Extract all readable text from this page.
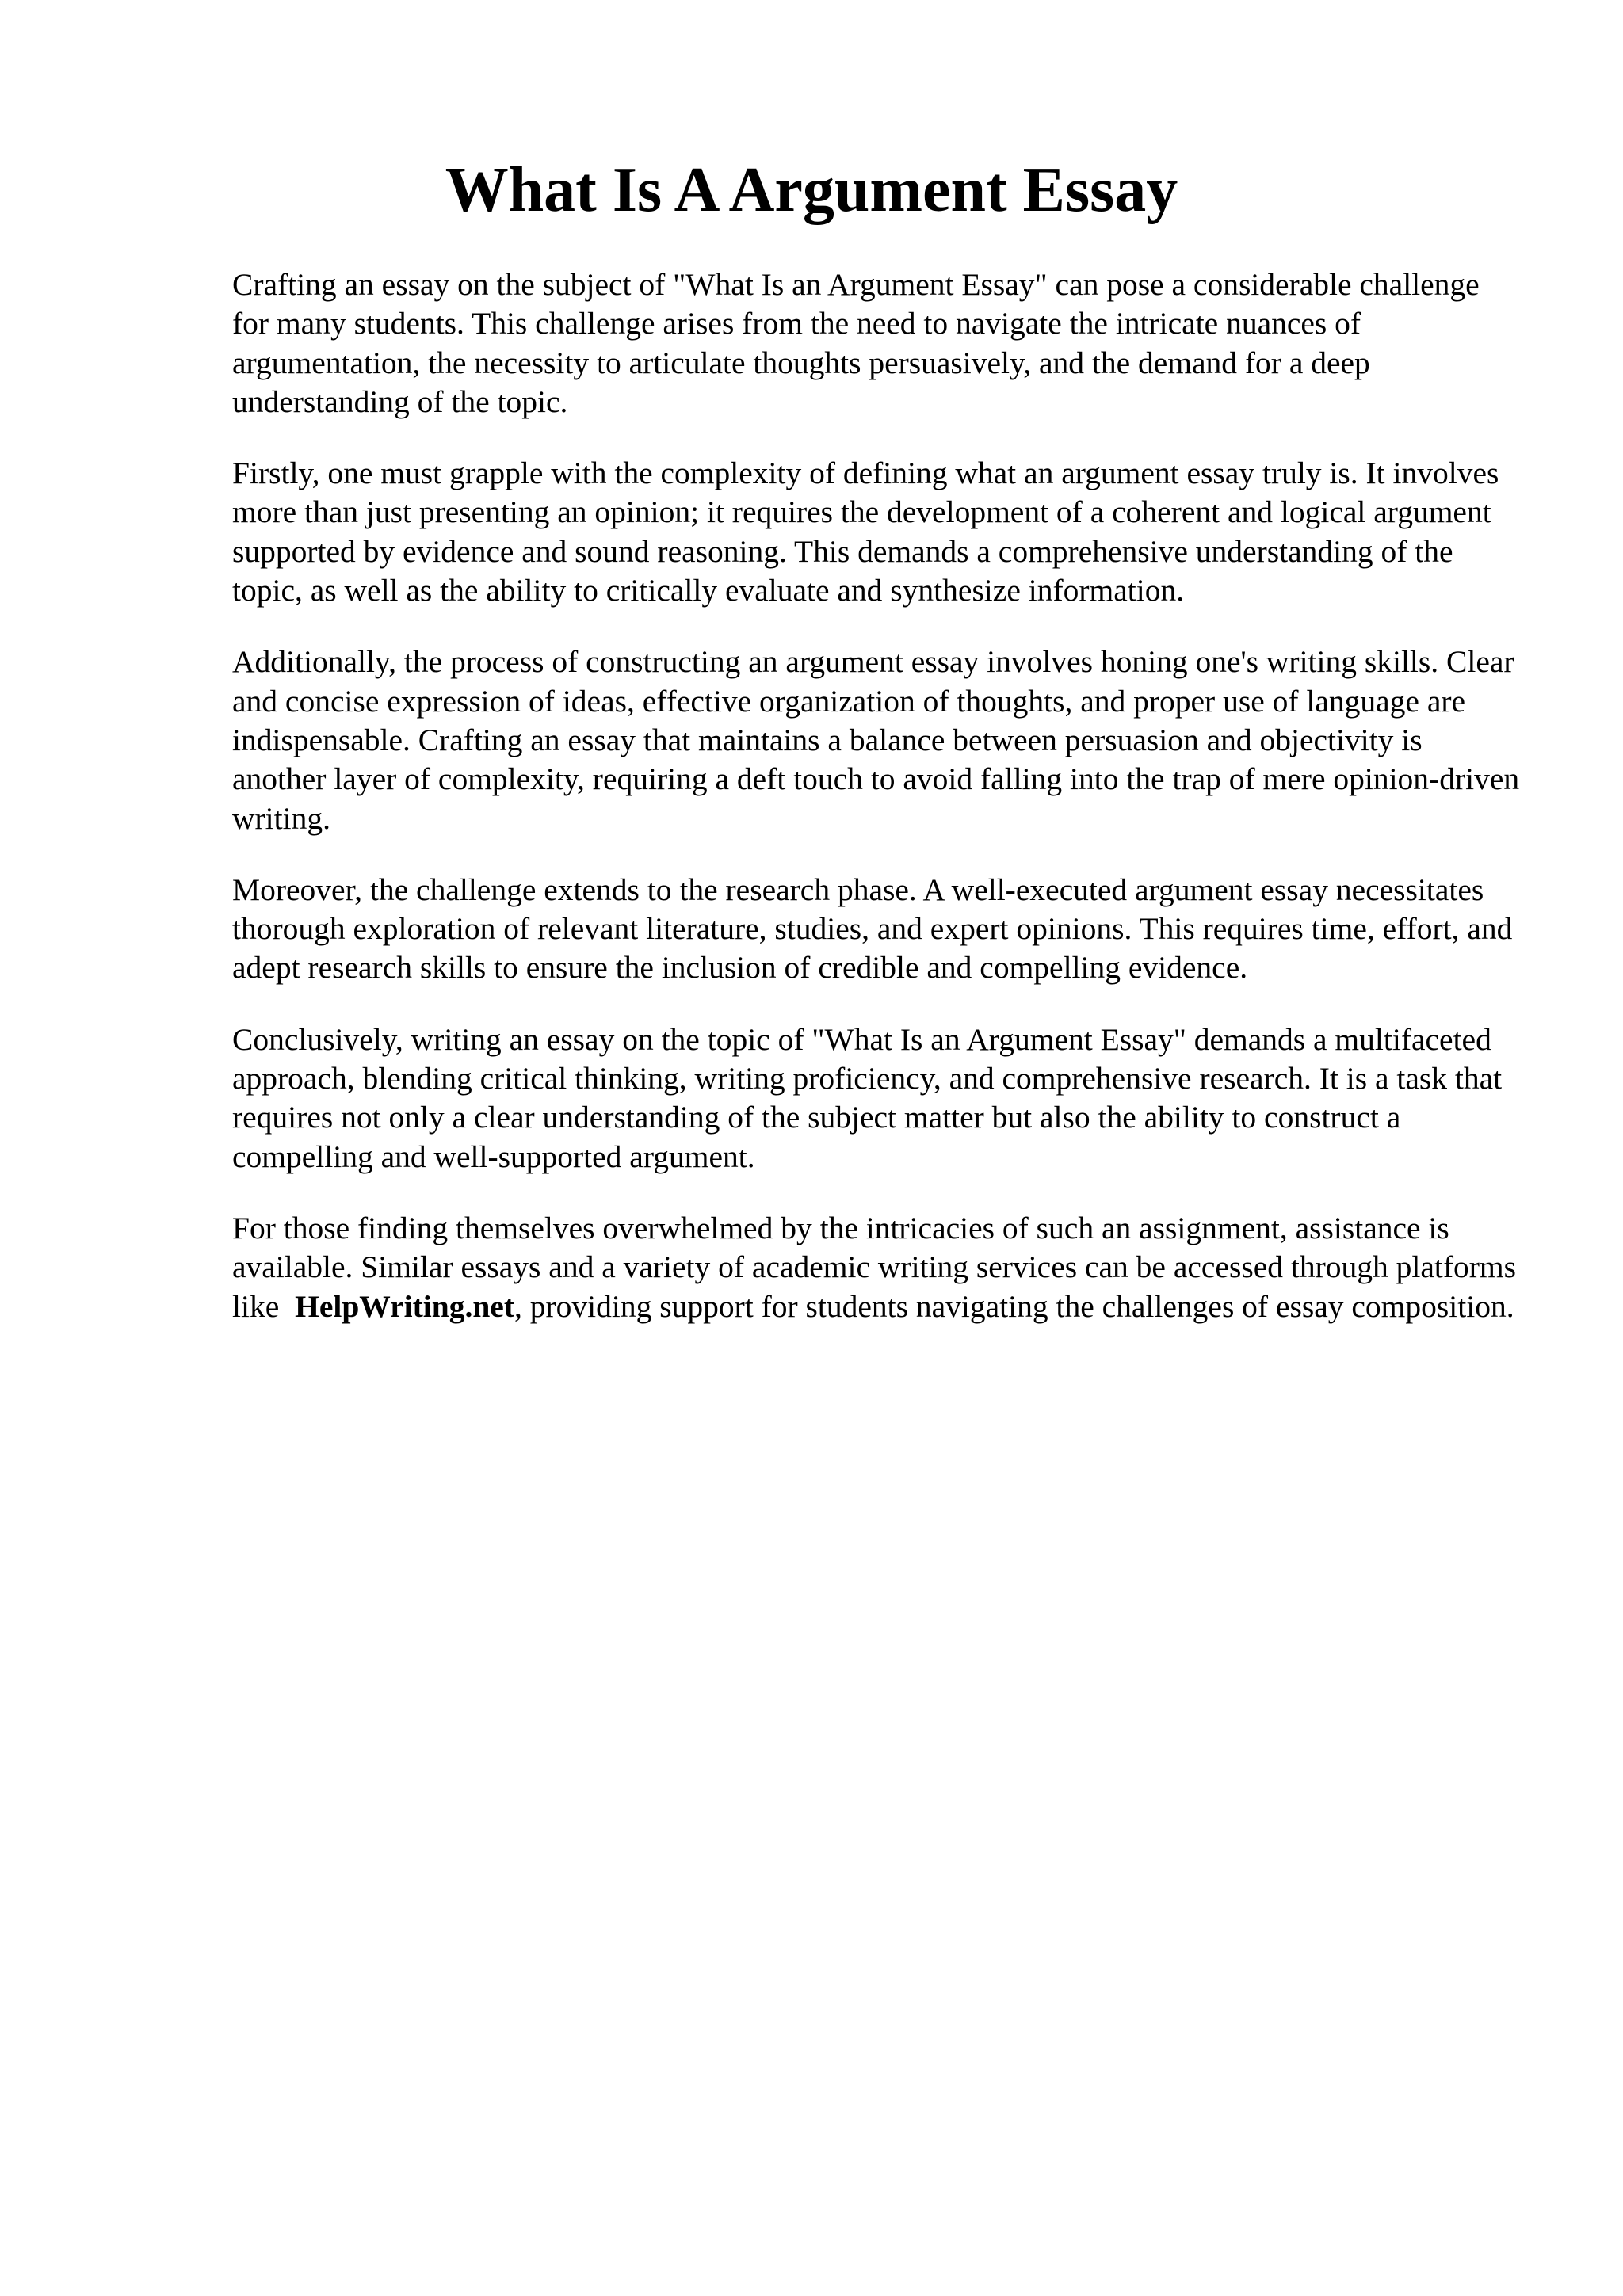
What Is A Argument Essay

Crafting an essay on the subject of "What Is an Argument Essay" can pose a considerable challenge for many students. This challenge arises from the need to navigate the intricate nuances of argumentation, the necessity to articulate thoughts persuasively, and the demand for a deep understanding of the topic.

Firstly, one must grapple with the complexity of defining what an argument essay truly is. It involves more than just presenting an opinion; it requires the development of a coherent and logical argument supported by evidence and sound reasoning. This demands a comprehensive understanding of the topic, as well as the ability to critically evaluate and synthesize information.

Additionally, the process of constructing an argument essay involves honing one's writing skills. Clear and concise expression of ideas, effective organization of thoughts, and proper use of language are indispensable. Crafting an essay that maintains a balance between persuasion and objectivity is another layer of complexity, requiring a deft touch to avoid falling into the trap of mere opinion-driven writing.

Moreover, the challenge extends to the research phase. A well-executed argument essay necessitates thorough exploration of relevant literature, studies, and expert opinions. This requires time, effort, and adept research skills to ensure the inclusion of credible and compelling evidence.

Conclusively, writing an essay on the topic of "What Is an Argument Essay" demands a multifaceted approach, blending critical thinking, writing proficiency, and comprehensive research. It is a task that requires not only a clear understanding of the subject matter but also the ability to construct a compelling and well-supported argument.

For those finding themselves overwhelmed by the intricacies of such an assignment, assistance is available. Similar essays and a variety of academic writing services can be accessed through platforms like HelpWriting.net, providing support for students navigating the challenges of essay composition.
